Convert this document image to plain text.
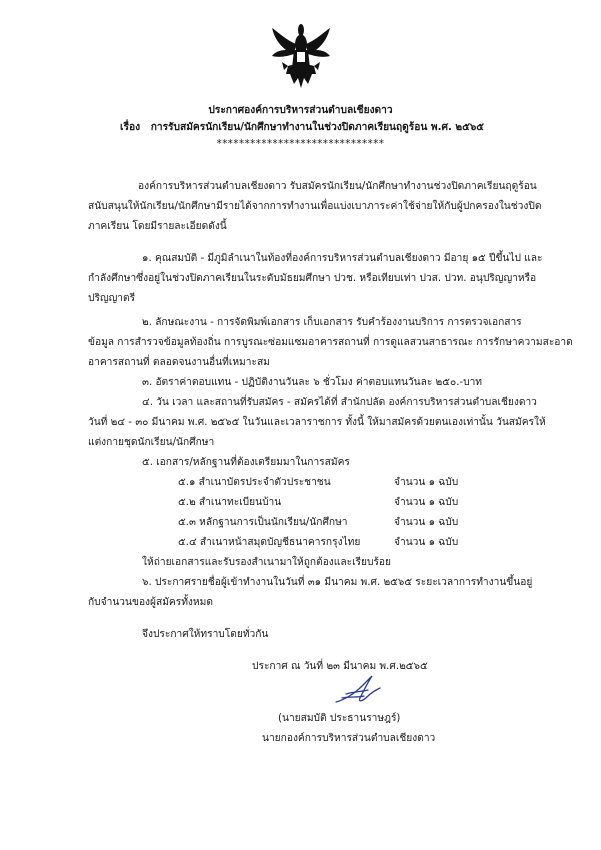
ประกาศองค์การบริหารส่วนตำบลเชียงดาว
เรื่อง การรับสมัครนักเรียน/นักศึกษาทำงานในช่วงปิดภาคเรียนฤดูร้อน พ.ศ. ๒๕๖๕
******************************
องค์การบริหารส่วนตำบลเชียงดาว รับสมัครนักเรียน/นักศึกษาทำงานช่วงปิดภาคเรียนฤดูร้อน
สนับสนุนให้นักเรียน/นักศึกษามีรายได้จากการทำงานเพื่อแบ่งเบาภาระค่าใช้จ่ายให้กับผู้ปกครองในช่วงปิด
ภาคเรียน โดยมีรายละเอียดดังนี้
๑. คุณสมบัติ - มีภูมิลำเนาในท้องที่องค์การบริหารส่วนตำบลเชียงดาว มีอายุ ๑๕ ปีขึ้นไป และ
กำลังศึกษาซึ่งอยู่ในช่วงปิดภาคเรียนในระดับมัธยมศึกษา ปวช. หรือเทียบเท่า ปวส. ปวท. อนุปริญญาหรือ
ปริญญาตรี
๒. ลักษณะงาน - การจัดพิมพ์เอกสาร เก็บเอกสาร รับคำร้องงานบริการ การตรวจเอกสาร
ข้อมูล การสำรวจข้อมูลท้องถิ่น การบูรณะซ่อมแซมอาคารสถานที่ การดูแลสวนสาธารณะ การรักษาความสะอาด
อาคารสถานที่ ตลอดจนงานอื่นที่เหมาะสม
๓. อัตราค่าตอบแทน - ปฏิบัติงานวันละ ๖ ชั่วโมง ค่าตอบแทนวันละ ๒๕๐.-บาท
๔. วัน เวลา และสถานที่รับสมัคร - สมัครได้ที่ สำนักปลัด องค์การบริหารส่วนตำบลเชียงดาว
วันที่ ๒๔ - ๓๐ มีนาคม พ.ศ. ๒๕๖๕ ในวันและเวลาราชการ ทั้งนี้ ให้มาสมัครด้วยตนเองเท่านั้น วันสมัครให้
แต่งกายชุดนักเรียน/นักศึกษา
๕. เอกสาร/หลักฐานที่ต้องเตรียมมาในการสมัคร
๕.๑ สำเนาบัตรประจำตัวประชาชน	จำนวน ๑ ฉบับ
๕.๒ สำเนาทะเบียนบ้าน	จำนวน ๑ ฉบับ
๕.๓ หลักฐานการเป็นนักเรียน/นักศึกษา	จำนวน ๑ ฉบับ
๕.๔ สำเนาหน้าสมุดบัญชีธนาคารกรุงไทย	จำนวน ๑ ฉบับ
ให้ถ่ายเอกสารและรับรองสำเนามาให้ถูกต้องและเรียบร้อย
๖. ประกาศรายชื่อผู้เข้าทำงานในวันที่ ๓๑ มีนาคม พ.ศ. ๒๕๖๕ ระยะเวลาการทำงานขึ้นอยู่
กับจำนวนของผู้สมัครทั้งหมด
จึงประกาศให้ทราบโดยทั่วกัน
ประกาศ ณ วันที่ ๒๓ มีนาคม พ.ศ.๒๕๖๕
(นายสมบัติ ประธานราษฎร์)
นายกองค์การบริหารส่วนตำบลเชียงดาว
